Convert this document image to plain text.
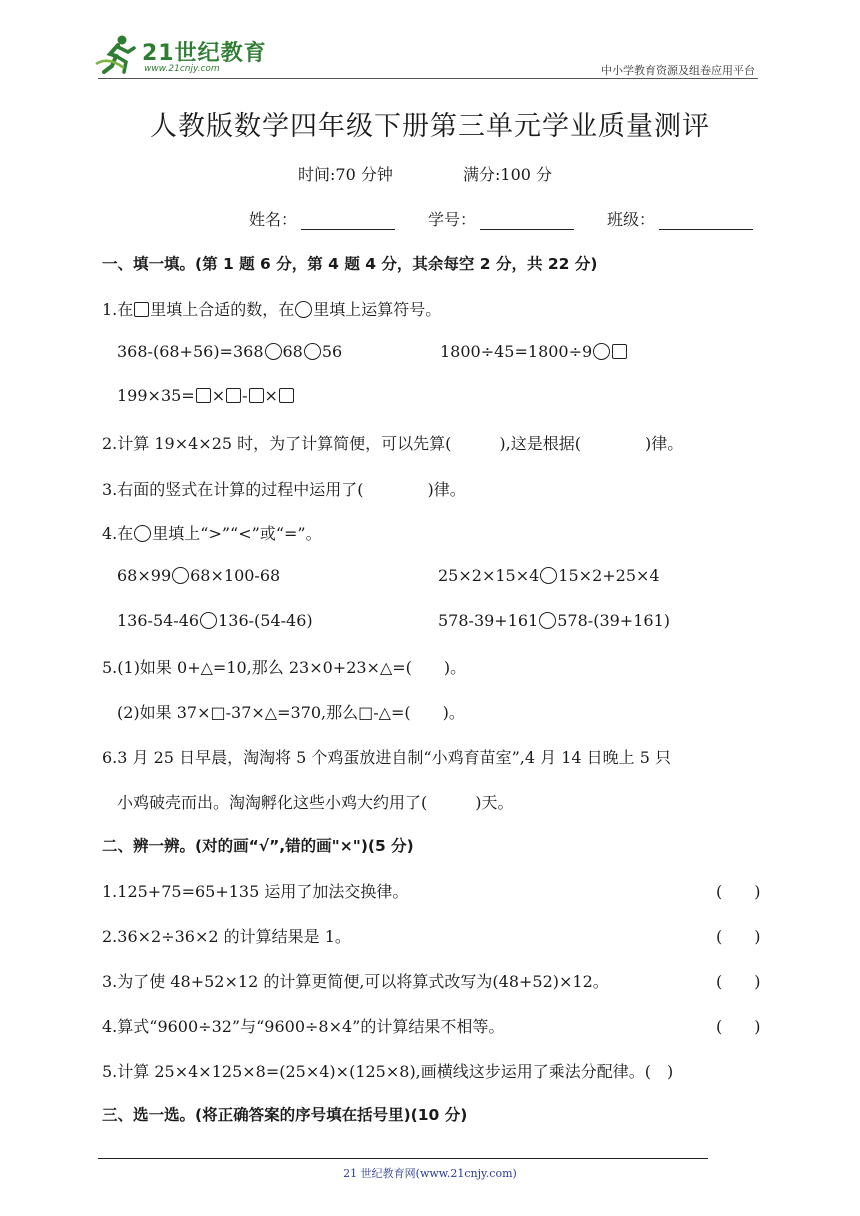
21世纪教育
www.21cnjy.com	中小学教育资源及组卷应用平台
人教版数学四年级下册第三单元学业质量测评
时间:70 分钟	满分:100 分
姓名：	学号：	班级：
一、填一填。(第 1 题 6 分，第 4 题 4 分，其余每空 2 分，共 22 分)
1.在 里填上合适的数，在 里填上运算符号。
368-(68+56)=368 68 56	1800÷45=1800÷9
199×35= × - ×
2.计算 19×4×25 时，为了计算简便，可以先算(　　　),这是根据(　　　　)律。
3.右面的竖式在计算的过程中运用了(　　　　)律。
4.在 里填上“>”“<”或“=”。
68×99 68×100-68	25×2×15×4 15×2+25×4
136-54-46 136-(54-46)	578-39+161 578-(39+161)
5.(1)如果 0+△=10,那么 23×0+23×△=(　　)。
(2)如果 37×□-37×△=370,那么□-△=(　　)。
6.3 月 25 日早晨，淘淘将 5 个鸡蛋放进自制“小鸡育苗室”,4 月 14 日晚上 5 只
小鸡破壳而出。淘淘孵化这些小鸡大约用了(　　　)天。
二、辨一辨。(对的画“√”,错的画"×")(5 分)
1.125+75=65+135 运用了加法交换律。	(　　)
2.36×2÷36×2 的计算结果是 1。	(　　)
3.为了使 48+52×12 的计算更简便,可以将算式改写为(48+52)×12。	(　　)
4.算式“9600÷32”与“9600÷8×4”的计算结果不相等。	(　　)
5.计算 25×4×125×8=(25×4)×(125×8),画横线这步运用了乘法分配律。(　)
三、选一选。(将正确答案的序号填在括号里)(10 分)
21 世纪教育网(www.21cnjy.com)
